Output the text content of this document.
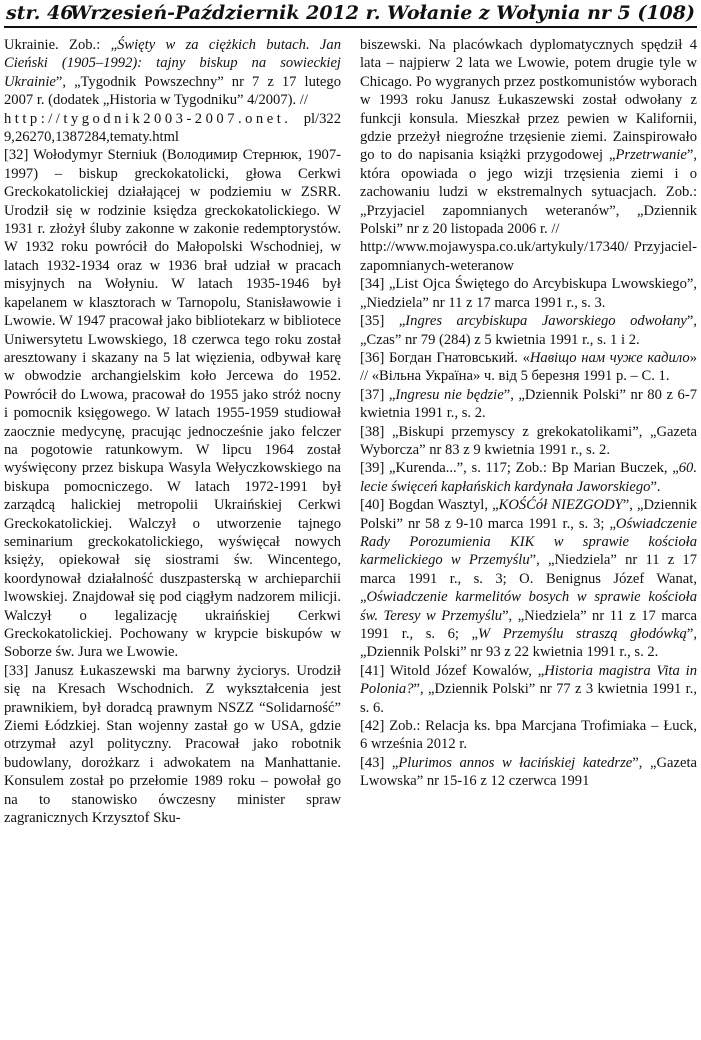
str. 46
Wrzesień-Październik 2012 r. Wołanie z Wołynia nr 5 (108)

Ukrainie. Zob.: „Święty w za ciężkich butach. Jan Cieński (1905–1992): tajny biskup na sowieckiej Ukrainie”, „Tygodnik Powszechny” nr 7 z 17 lutego 2007 r. (dodatek „Historia w Tygodniku” 4/2007). //

http://tygodnik2003-2007.onet. pl/3229,26270,1387284,tematy.html

[32] Wołodymyr Sterniuk (Володимир Стернюк, 1907-1997) – biskup greckokatolicki, głowa Cerkwi Greckokatolickiej działającej w podziemiu w ZSRR. Urodził się w rodzinie księdza greckokatolickiego. W 1931 r. złożył śluby zakonne w zakonie redemptorystów. W 1932 roku powrócił do Małopolski Wschodniej, w latach 1932-1934 oraz w 1936 brał udział w pracach misyjnych na Wołyniu. W latach 1935-1946 był kapelanem w klasztorach w Tarnopolu, Stanisławowie i Lwowie. W 1947 pracował jako bibliotekarz w bibliotece Uniwersytetu Lwowskiego, 18 czerwca tego roku został aresztowany i skazany na 5 lat więzienia, odbywał karę w obwodzie archangielskim koło Jercewa do 1952. Powrócił do Lwowa, pracował do 1955 jako stróż nocny i pomocnik księgowego. W latach 1955-1959 studiował zaocznie medycynę, pracując jednocześnie jako felczer na pogotowie ratunkowym. W lipcu 1964 został wyświęcony przez biskupa Wasyla Wełyczkowskiego na biskupa pomocniczego. W latach 1972-1991 był zarządcą halickiej metropolii Ukraińskiej Cerkwi Greckokatolickiej. Walczył o utworzenie tajnego seminarium greckokatolickiego, wyświęcał nowych księży, opiekował się siostrami św. Wincentego, koordynował działalność duszpasterską w archieparchii lwowskiej. Znajdował się pod ciągłym nadzorem milicji. Walczył o legalizację ukraińskiej Cerkwi Greckokatolickiej. Pochowany w krypcie biskupów w Soborze św. Jura we Lwowie.

[33] Janusz Łukaszewski ma barwny życiorys. Urodził się na Kresach Wschodnich. Z wykształcenia jest prawnikiem, był doradcą prawnym NSZZ “Solidarność” Ziemi Łódzkiej. Stan wojenny zastał go w USA, gdzie otrzymał azyl polityczny. Pracował jako robotnik budowlany, dorożkarz i adwokatem na Manhattanie. Konsulem został po przełomie 1989 roku – powołał go na to stanowisko ówczesny minister spraw zagranicznych Krzysztof Sku-

biszewski. Na placówkach dyplomatycznych spędził 4 lata – najpierw 2 lata we Lwowie, potem drugie tyle w Chicago. Po wygranych przez postkomunistów wyborach w 1993 roku Janusz Łukaszewski został odwołany z funkcji konsula. Mieszkał przez pewien w Kalifornii, gdzie przeżył niegroźne trzęsienie ziemi. Zainspirowało go to do napisania książki przygodowej „Przetrwanie”, która opowiada o jego wizji trzęsienia ziemi i o zachowaniu ludzi w ekstremalnych sytuacjach. Zob.: „Przyjaciel zapomnianych weteranów”, „Dziennik Polski” nr z 20 listopada 2006 r. //

http://www.mojawyspa.co.uk/artykuly/17340/ Przyjaciel-zapomnianych-weteranow

[34] „List Ojca Świętego do Arcybiskupa Lwowskiego”, „Niedziela” nr 11 z 17 marca 1991 r., s. 3.

[35] „Ingres arcybiskupa Jaworskiego odwołany”, „Czas” nr 79 (284) z 5 kwietnia 1991 r., s. 1 i 2.

[36] Богдан Гнатовський. «Навіщо нам чуже кадило» // «Вільна Україна» ч. від 5 березня 1991 р. – С. 1.

[37] „Ingresu nie będzie”, „Dziennik Polski” nr 80 z 6-7 kwietnia 1991 r., s. 2.

[38] „Biskupi przemyscy z grekokatolikami”, „Gazeta Wyborcza” nr 83 z 9 kwietnia 1991 r., s. 2.

[39] „Kurenda...”, s. 117; Zob.: Bp Marian Buczek, „60. lecie święceń kapłańskich kardynała Jaworskiego”.

[40] Bogdan Wasztyl, „KOŚĆół NIEZGODY”, „Dziennik Polski” nr 58 z 9-10 marca 1991 r., s. 3; „Oświadczenie Rady Porozumienia KIK w sprawie kościoła karmelickiego w Przemyślu”, „Niedziela” nr 11 z 17 marca 1991 r., s. 3; O. Benignus Józef Wanat, „Oświadczenie karmelitów bosych w sprawie kościoła św. Teresy w Przemyślu”, „Niedziela” nr 11 z 17 marca 1991 r., s. 6; „W Przemyślu straszą głodówką”, „Dziennik Polski” nr 93 z 22 kwietnia 1991 r., s. 2.

[41] Witold Józef Kowalów, „Historia magistra Vita in Polonia?”, „Dziennik Polski” nr 77 z 3 kwietnia 1991 r., s. 6.

[42] Zob.: Relacja ks. bpa Marcjana Trofimiaka – Łuck, 6 września 2012 r.

[43] „Plurimos annos w łacińskiej katedrze”, „Gazeta Lwowska” nr 15-16 z 12 czerwca 1991
